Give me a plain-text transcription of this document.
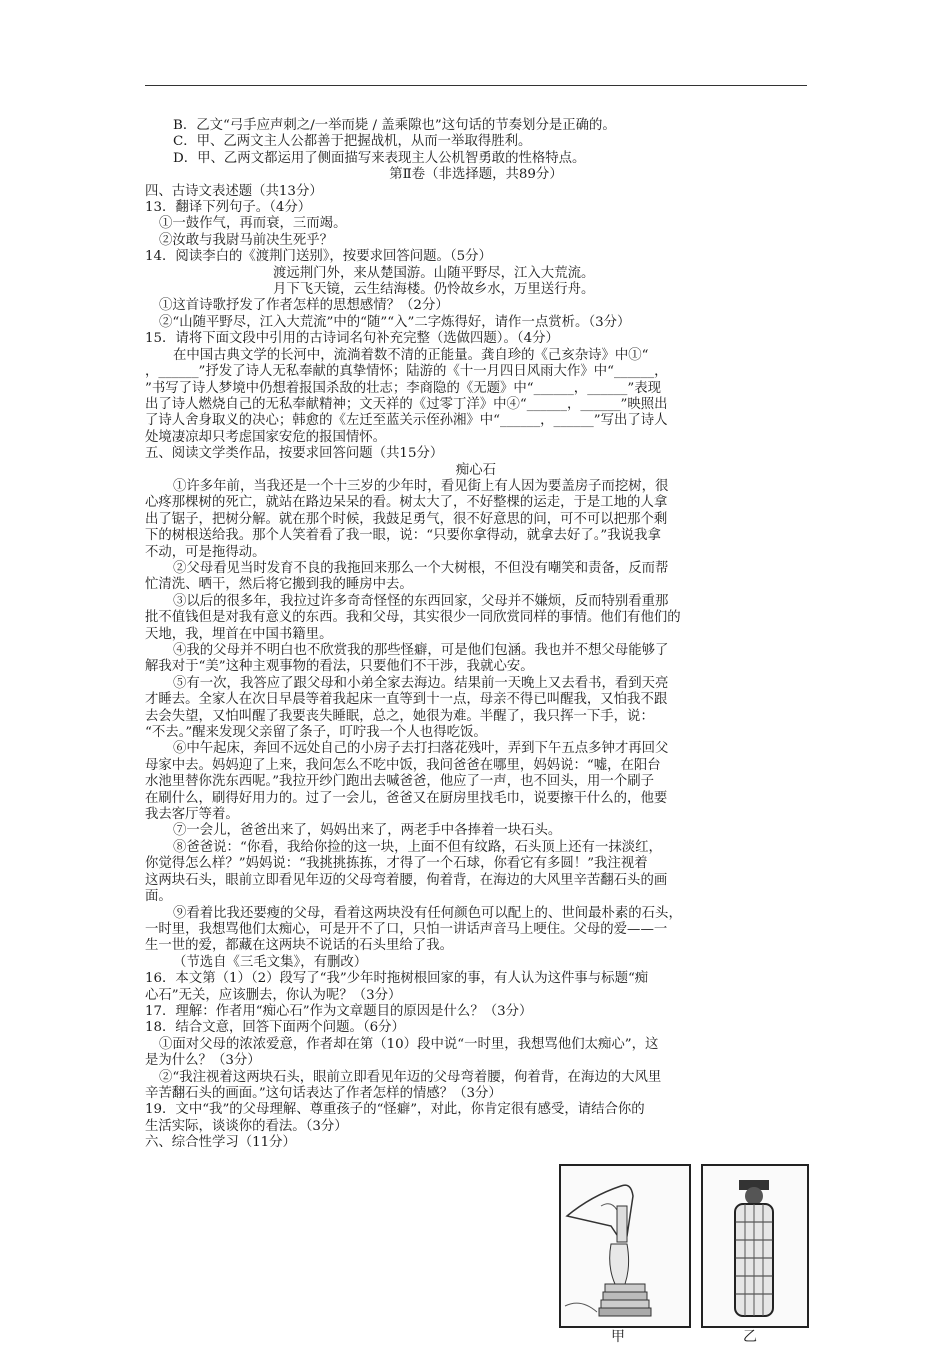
B．乙文“弓手应声刺之/一举而毙 / 盖乘隙也”这句话的节奏划分是正确的。
C．甲、乙两文主人公都善于把握战机，从而一举取得胜利。
D．甲、乙两文都运用了侧面描写来表现主人公机智勇敢的性格特点。
第Ⅱ卷（非选择题，共89分）
四、古诗文表述题（共13分）
13．翻译下列句子。（4分）
①一鼓作气，再而衰，三而竭。
②汝敢与我尉马前决生死乎？
14．阅读李白的《渡荆门送别》，按要求回答问题。（5分）
渡远荆门外，来从楚国游。山随平野尽，江入大荒流。
月下飞天镜，云生结海楼。仍怜故乡水，万里送行舟。
①这首诗歌抒发了作者怎样的思想感情？（2分）
②“山随平野尽，江入大荒流”中的“随”“入”二字炼得好，请作一点赏析。（3分）
15．请将下面文段中引用的古诗词名句补充完整（选做四题）。（4分）
在中国古典文学的长河中，流淌着数不清的正能量。龚自珍的《己亥杂诗》中①“
，______”抒发了诗人无私奉献的真挚情怀；陆游的《十一月四日风雨大作》中“______，
”书写了诗人梦境中仍想着报国杀敌的壮志；李商隐的《无题》中“______，______”表现
出了诗人燃烧自己的无私奉献精神；文天祥的《过零丁洋》中④“______，______”映照出
了诗人舍身取义的决心；韩愈的《左迁至蓝关示侄孙湘》中“______，______”写出了诗人
处境凄凉却只考虑国家安危的报国情怀。
五、阅读文学类作品，按要求回答问题（共15分）
痴心石
①许多年前，当我还是一个十三岁的少年时，看见街上有人因为要盖房子而挖树，很
心疼那棵树的死亡，就站在路边呆呆的看。树太大了，不好整棵的运走，于是工地的人拿
出了锯子，把树分解。就在那个时候，我鼓足勇气，很不好意思的问，可不可以把那个剩
下的树根送给我。那个人笑着看了我一眼，说：“只要你拿得动，就拿去好了。”我说我拿
不动，可是拖得动。
②父母看见当时发育不良的我拖回来那么一个大树根，不但没有嘲笑和责备，反而帮
忙清洗、晒干，然后将它搬到我的睡房中去。
③以后的很多年，我拉过许多奇奇怪怪的东西回家，父母并不嫌烦，反而特别看重那
批不值钱但是对我有意义的东西。我和父母，其实很少一同欣赏同样的事情。他们有他们的
天地，我，埋首在中国书籍里。
④我的父母并不明白也不欣赏我的那些怪癖，可是他们包涵。我也并不想父母能够了
解我对于“美”这种主观事物的看法，只要他们不干涉，我就心安。
⑤有一次，我答应了跟父母和小弟全家去海边。结果前一天晚上又去看书，看到天亮
才睡去。全家人在次日早晨等着我起床一直等到十一点，母亲不得已叫醒我，又怕我不跟
去会失望，又怕叫醒了我要丧失睡眠，总之，她很为难。半醒了，我只挥一下手，说：
“不去。”醒来发现父亲留了条子，叮咛我一个人也得吃饭。
⑥中午起床，奔回不远处自己的小房子去打扫落花残叶，弄到下午五点多钟才再回父
母家中去。妈妈迎了上来，我问怎么不吃中饭，我问爸爸在哪里，妈妈说：“嘘，在阳台
水池里替你洗东西呢。”我拉开纱门跑出去喊爸爸，他应了一声，也不回头，用一个刷子
在刷什么，刷得好用力的。过了一会儿，爸爸又在厨房里找毛巾，说要擦干什么的，他要
我去客厅等着。
⑦一会儿，爸爸出来了，妈妈出来了，两老手中各捧着一块石头。
⑧爸爸说：“你看，我给你捡的这一块，上面不但有纹路，石头顶上还有一抹淡红，
你觉得怎么样？”妈妈说：“我挑挑拣拣，才得了一个石球，你看它有多圆！”我注视着
这两块石头，眼前立即看见年迈的父母弯着腰，佝着背，在海边的大风里辛苦翻石头的画
面。
⑨看着比我还要瘦的父母，看着这两块没有任何颜色可以配上的、世间最朴素的石头，
一时里，我想骂他们太痴心，可是开不了口，只怕一讲话声音马上哽住。父母的爱——一
生一世的爱，都藏在这两块不说话的石头里给了我。
（节选自《三毛文集》，有删改）
16．本文第（1）（2）段写了“我”少年时拖树根回家的事，有人认为这件事与标题“痴
心石”无关，应该删去，你认为呢？（3分）
17．理解：作者用“痴心石”作为文章题目的原因是什么？（3分）
18．结合文意，回答下面两个问题。（6分）
①面对父母的浓浓爱意，作者却在第（10）段中说“一时里，我想骂他们太痴心”，这
是为什么？（3分）
②“我注视着这两块石头，眼前立即看见年迈的父母弯着腰，佝着背，在海边的大风里
辛苦翻石头的画面。”这句话表达了作者怎样的情感？（3分）
19．文中“我”的父母理解、尊重孩子的“怪癖”，对此，你肯定很有感受，请结合你的
生活实际，谈谈你的看法。（3分）
六、综合性学习（11分）
甲	乙
